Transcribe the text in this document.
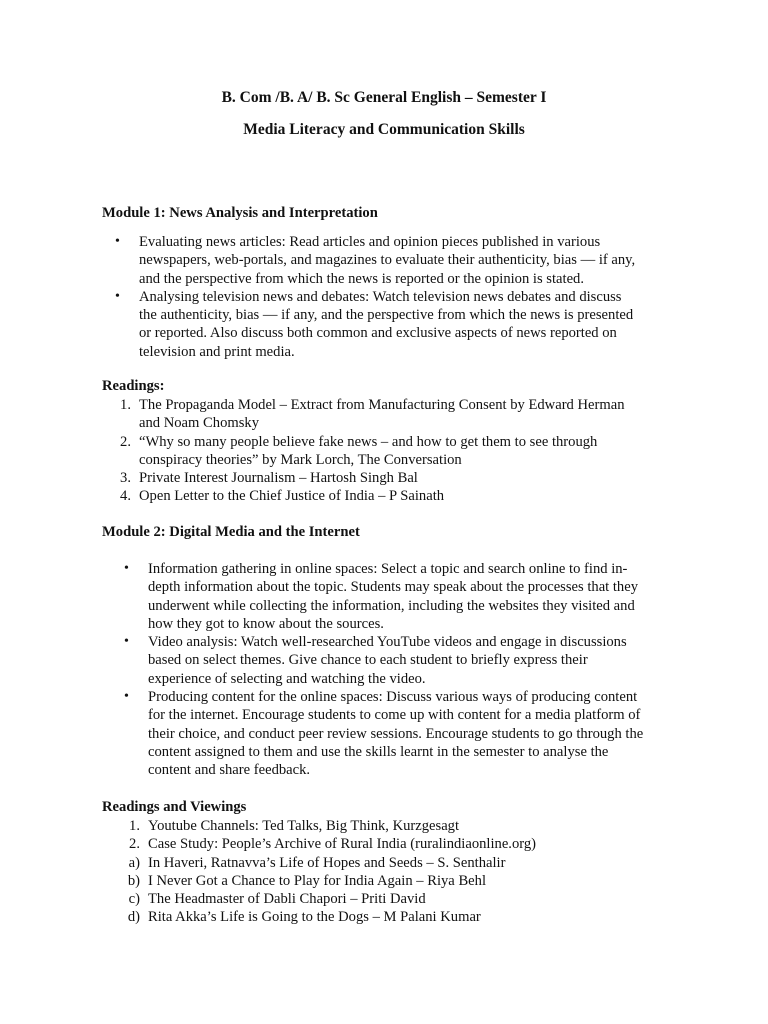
B. Com /B. A/ B. Sc General English – Semester I
Media Literacy and Communication Skills
Module 1: News Analysis and Interpretation
• Evaluating news articles: Read articles and opinion pieces published in various
newspapers, web-portals, and magazines to evaluate their authenticity, bias — if any,
and the perspective from which the news is reported or the opinion is stated.
• Analysing television news and debates: Watch television news debates and discuss
the authenticity, bias — if any, and the perspective from which the news is presented
or reported. Also discuss both common and exclusive aspects of news reported on
television and print media.
Readings:
1. The Propaganda Model – Extract from Manufacturing Consent by Edward Herman
and Noam Chomsky
2. “Why so many people believe fake news – and how to get them to see through
conspiracy theories” by Mark Lorch, The Conversation
3. Private Interest Journalism – Hartosh Singh Bal
4. Open Letter to the Chief Justice of India – P Sainath
Module 2: Digital Media and the Internet
• Information gathering in online spaces: Select a topic and search online to find in-
depth information about the topic. Students may speak about the processes that they
underwent while collecting the information, including the websites they visited and
how they got to know about the sources.
• Video analysis: Watch well-researched YouTube videos and engage in discussions
based on select themes. Give chance to each student to briefly express their
experience of selecting and watching the video.
• Producing content for the online spaces: Discuss various ways of producing content
for the internet. Encourage students to come up with content for a media platform of
their choice, and conduct peer review sessions. Encourage students to go through the
content assigned to them and use the skills learnt in the semester to analyse the
content and share feedback.
Readings and Viewings
1. Youtube Channels: Ted Talks, Big Think, Kurzgesagt
2. Case Study: People’s Archive of Rural India (ruralindiaonline.org)
a) In Haveri, Ratnavva’s Life of Hopes and Seeds – S. Senthalir
b) I Never Got a Chance to Play for India Again – Riya Behl
c) The Headmaster of Dabli Chapori – Priti David
d) Rita Akka’s Life is Going to the Dogs – M Palani Kumar
